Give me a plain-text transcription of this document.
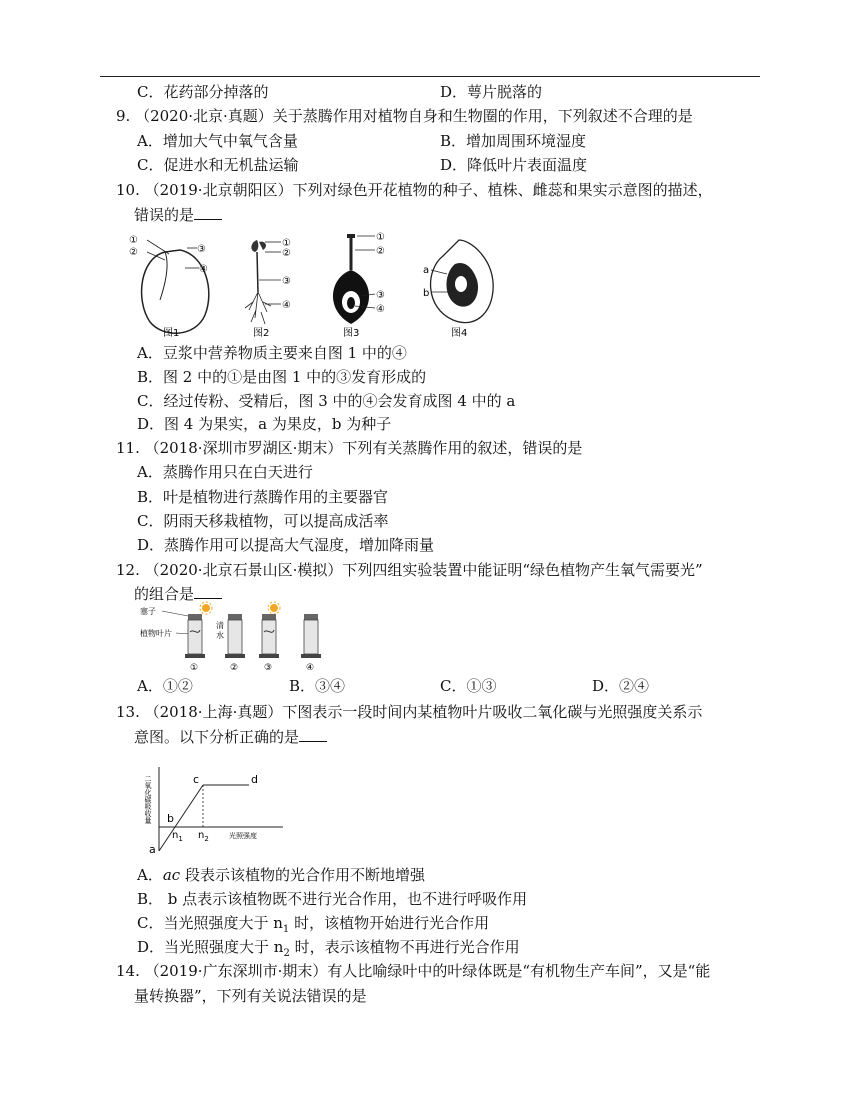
C．花药部分掉落的	D．萼片脱落的
9. （2020·北京·真题）关于蒸腾作用对植物自身和生物圈的作用，下列叙述不合理的是
A．增加大气中氧气含量	B．增加周围环境湿度
C．促进水和无机盐运输	D．降低叶片表面温度
10. （2019·北京朝阳区）下列对绿色开花植物的种子、植株、雌蕊和果实示意图的描述，
错误的是
①
②	③
④
图1
①
②
③
④
图2
①
②
③
④
图3
a
b
图4
A．豆浆中营养物质主要来自图 1 中的④
B．图 2 中的①是由图 1 中的③发育形成的
C．经过传粉、受精后，图 3 中的④会发育成图 4 中的 a
D．图 4 为果实，a 为果皮，b 为种子
11. （2018·深圳市罗湖区·期末）下列有关蒸腾作用的叙述，错误的是
A．蒸腾作用只在白天进行
B．叶是植物进行蒸腾作用的主要器官
C．阴雨天移栽植物，可以提高成活率
D．蒸腾作用可以提高大气湿度，增加降雨量
12. （2020·北京石景山区·模拟）下列四组实验装置中能证明“绿色植物产生氧气需要光”
的组合是
塞子
植物叶片
清
水
①	②	③	④
A．①②	B．③④	C．①③	D．②④
13. （2018·上海·真题）下图表示一段时间内某植物叶片吸收二氧化碳与光照强度关系示
意图。以下分析正确的是
二氧化碳吸收量	c	d
b
a
$n_1$ $n_2$	光照强度
A．ac 段表示该植物的光合作用不断地增强
B． b 点表示该植物既不进行光合作用，也不进行呼吸作用
C．当光照强度大于 $n_1$ 时，该植物开始进行光合作用
D．当光照强度大于 $n_2$ 时，表示该植物不再进行光合作用
14. （2019·广东深圳市·期末）有人比喻绿叶中的叶绿体既是“有机物生产车间”，又是“能
量转换器”，下列有关说法错误的是
